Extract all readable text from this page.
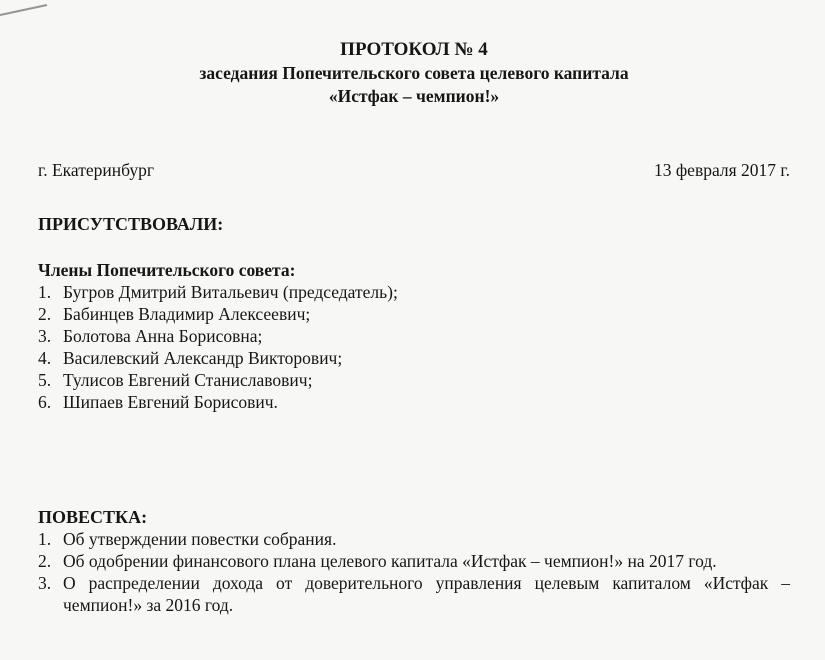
ПРОТОКОЛ № 4
заседания Попечительского совета целевого капитала
«Истфак – чемпион!»
г. Екатеринбург	13 февраля 2017 г.
ПРИСУТСТВОВАЛИ:
Члены Попечительского совета:
1. Бугров Дмитрий Витальевич (председатель);
2. Бабинцев Владимир Алексеевич;
3. Болотова Анна Борисовна;
4. Василевский Александр Викторович;
5. Тулисов Евгений Станиславович;
6. Шипаев Евгений Борисович.
ПОВЕСТКА:
1. Об утверждении повестки собрания.
2. Об одобрении финансового плана целевого капитала «Истфак – чемпион!» на 2017 год.
3. О распределении дохода от доверительного управления целевым капиталом «Истфак – чемпион!» за 2016 год.
